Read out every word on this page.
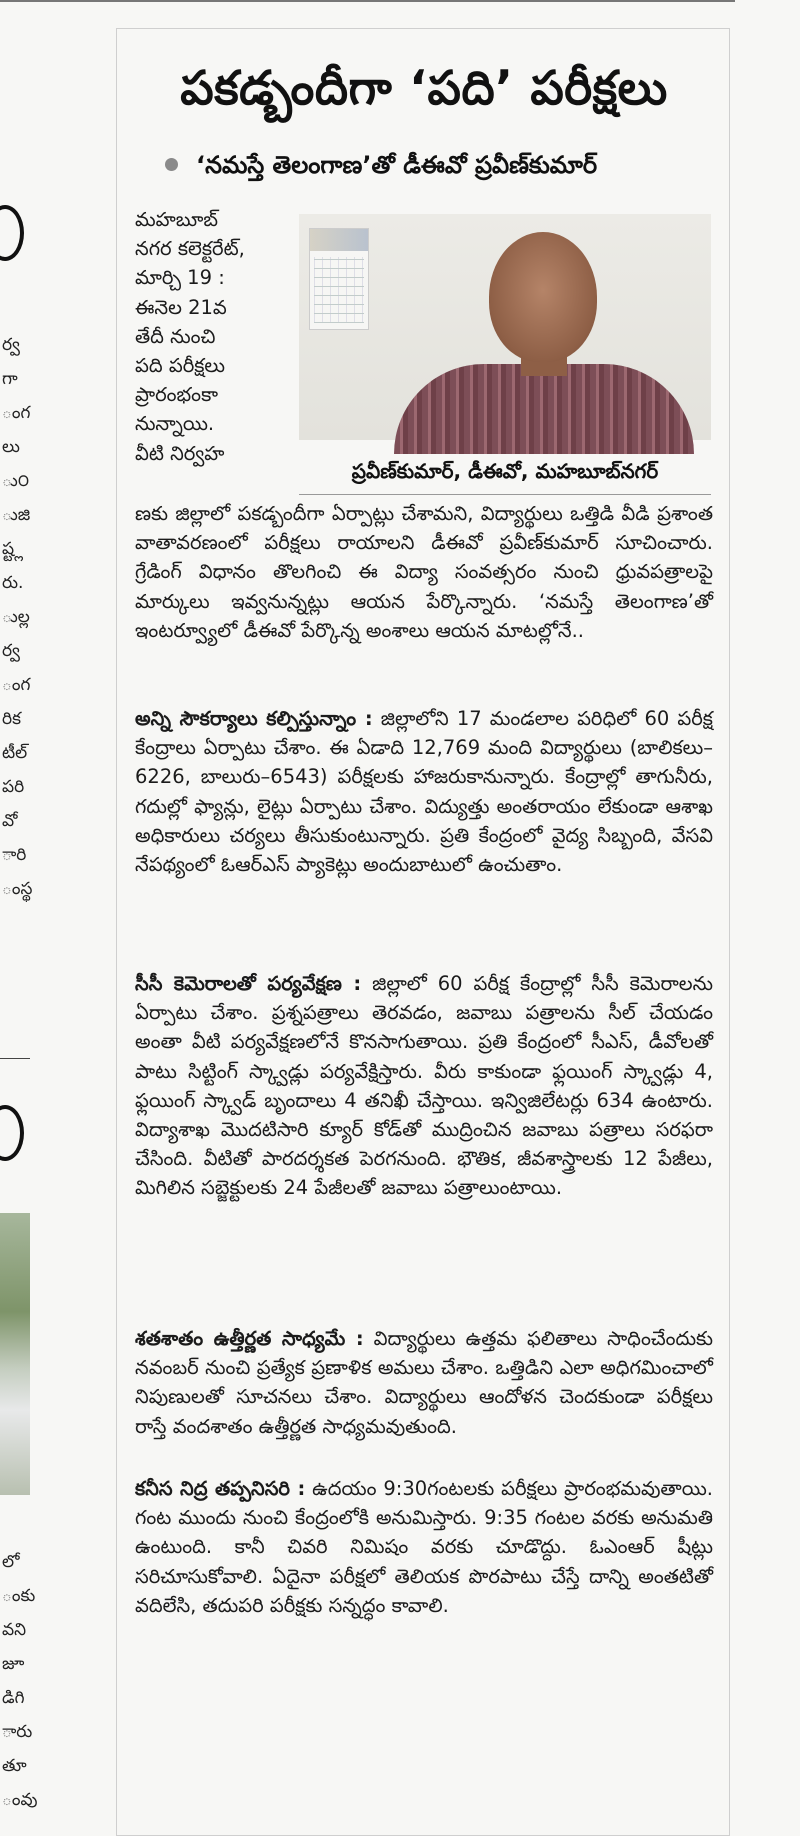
ర్వ
గా
ంగ
లు
ు౦
ుజి
ష్ట్ల
రు.
ుల్ల
ర్వ
ంగ
రిక
టీల్
పరి
వో
ారి
ంస్థ
లో
ంకు
వని
జూ
డిగి
ారు
తూ
ంవు
పకడ్బందీగా ‘పది’ పరీక్షలు
‘నమస్తే తెలంగాణ’తో డీఈవో ప్రవీణ్‌కుమార్
మహబూబ్
నగర కలెక్టరేట్,
మార్చి 19 :
ఈనెల 21వ
తేదీ నుంచి
పది పరీక్షలు
ప్రారంభంకా
నున్నాయి.
వీటి నిర్వహ
ప్రవీణ్‌కుమార్, డీఈవో, మహబూబ్‌నగర్
ణకు జిల్లాలో పకడ్బందీగా ఏర్పాట్లు చేశామని, విద్యార్థులు ఒత్తిడి వీడి ప్రశాంత వాతావరణంలో పరీక్షలు రాయాలని డీఈవో ప్రవీణ్‌కుమార్ సూచించారు. గ్రేడింగ్ విధానం తొలగించి ఈ విద్యా సంవత్సరం నుంచి ధ్రువపత్రాలపై మార్కులు ఇవ్వనున్నట్లు ఆయన పేర్కొన్నారు. ‘నమస్తే తెలంగాణ’తో ఇంటర్వ్యూలో డీఈవో పేర్కొన్న అంశాలు ఆయన మాటల్లోనే..
అన్ని సౌకర్యాలు కల్పిస్తున్నాం : జిల్లాలోని 17 మండలాల పరిధిలో 60 పరీక్ష కేంద్రాలు ఏర్పాటు చేశాం. ఈ ఏడాది 12,769 మంది విద్యార్థులు (బాలికలు–6226, బాలురు–6543) పరీక్షలకు హాజరుకానున్నారు. కేంద్రాల్లో తాగునీరు, గదుల్లో ఫ్యాన్లు, లైట్లు ఏర్పాటు చేశాం. విద్యుత్తు అంతరాయం లేకుండా ఆశాఖ అధికారులు చర్యలు తీసుకుంటున్నారు. ప్రతి కేంద్రంలో వైద్య సిబ్బంది, వేసవి నేపథ్యంలో ఓఆర్ఎస్ ప్యాకెట్లు అందుబాటులో ఉంచుతాం.
సీసీ కెమెరాలతో పర్యవేక్షణ : జిల్లాలో 60 పరీక్ష కేంద్రాల్లో సీసీ కెమెరాలను ఏర్పాటు చేశాం. ప్రశ్నపత్రాలు తెరవడం, జవాబు పత్రాలను సీల్ చేయడం అంతా వీటి పర్యవేక్షణలోనే కొనసాగుతాయి. ప్రతి కేంద్రంలో సీఎస్, డీవోలతో పాటు సిట్టింగ్ స్క్వాడ్లు పర్యవేక్షిస్తారు. వీరు కాకుండా ఫ్లయింగ్ స్క్వాడ్లు 4, ఫ్లయింగ్ స్క్వాడ్ బృందాలు 4 తనిఖీ చేస్తాయి. ఇన్విజిలేటర్లు 634 ఉంటారు. విద్యాశాఖ మొదటిసారి క్యూర్ కోడ్‌తో ముద్రించిన జవాబు పత్రాలు సరఫరా చేసింది. వీటితో పారదర్శకత పెరగనుంది. భౌతిక, జీవశాస్త్రాలకు 12 పేజీలు, మిగిలిన సబ్జెక్టులకు 24 పేజీలతో జవాబు పత్రాలుంటాయి.
శతశాతం ఉత్తీర్ణత సాధ్యమే : విద్యార్థులు ఉత్తమ ఫలితాలు సాధించేందుకు నవంబర్ నుంచి ప్రత్యేక ప్రణాళిక అమలు చేశాం. ఒత్తిడిని ఎలా అధిగమించాలో నిపుణులతో సూచనలు చేశాం. విద్యార్థులు ఆందోళన చెందకుండా పరీక్షలు రాస్తే వందశాతం ఉత్తీర్ణత సాధ్యమవుతుంది.
కనీస నిద్ర తప్పనిసరి : ఉదయం 9:30గంటలకు పరీక్షలు ప్రారంభమవుతాయి. గంట ముందు నుంచి కేంద్రంలోకి అనుమిస్తారు. 9:35 గంటల వరకు అనుమతి ఉంటుంది. కానీ చివరి నిమిషం వరకు చూడొద్దు. ఓఎంఆర్ షీట్లు సరిచూసుకోవాలి. ఏదైనా పరీక్షలో తెలియక పొరపాటు చేస్తే దాన్ని అంతటితో వదిలేసి, తదుపరి పరీక్షకు సన్నద్ధం కావాలి.
